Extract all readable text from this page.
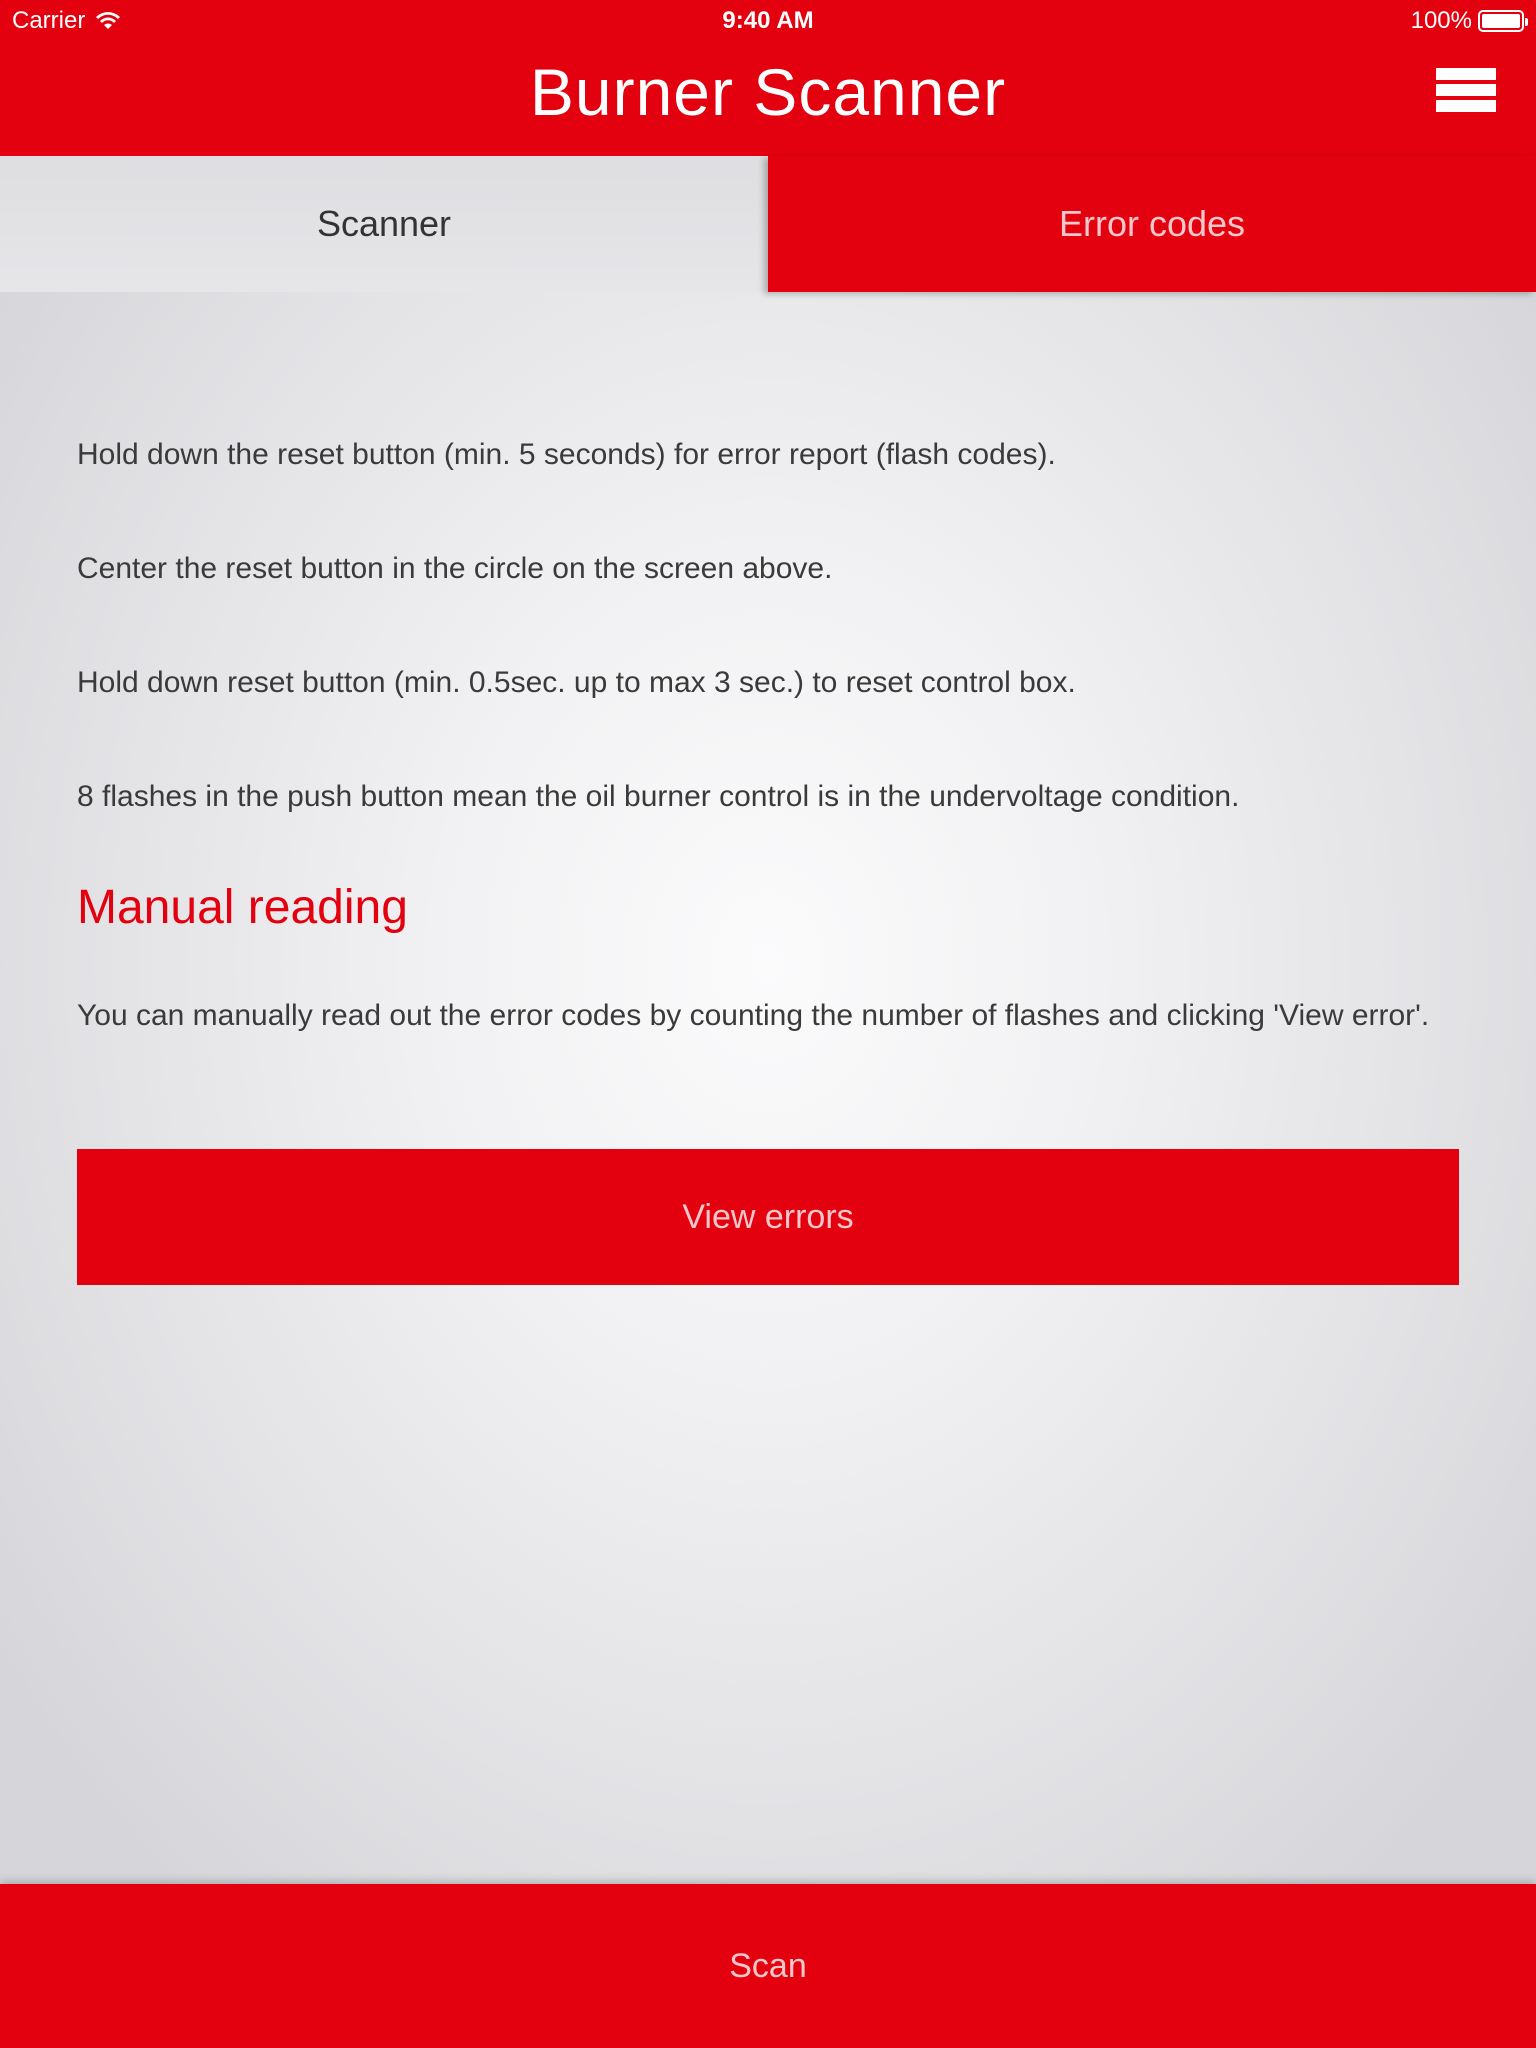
Carrier	9:40 AM	100%
Burner Scanner
Scanner	Error codes

Hold down the reset button (min. 5 seconds) for error report (flash codes).

Center the reset button in the circle on the screen above.

Hold down reset button (min. 0.5sec. up to max 3 sec.) to reset control box.

8 flashes in the push button mean the oil burner control is in the undervoltage condition.

Manual reading

You can manually read out the error codes by counting the number of flashes and clicking 'View error'.

View errors
Scan
